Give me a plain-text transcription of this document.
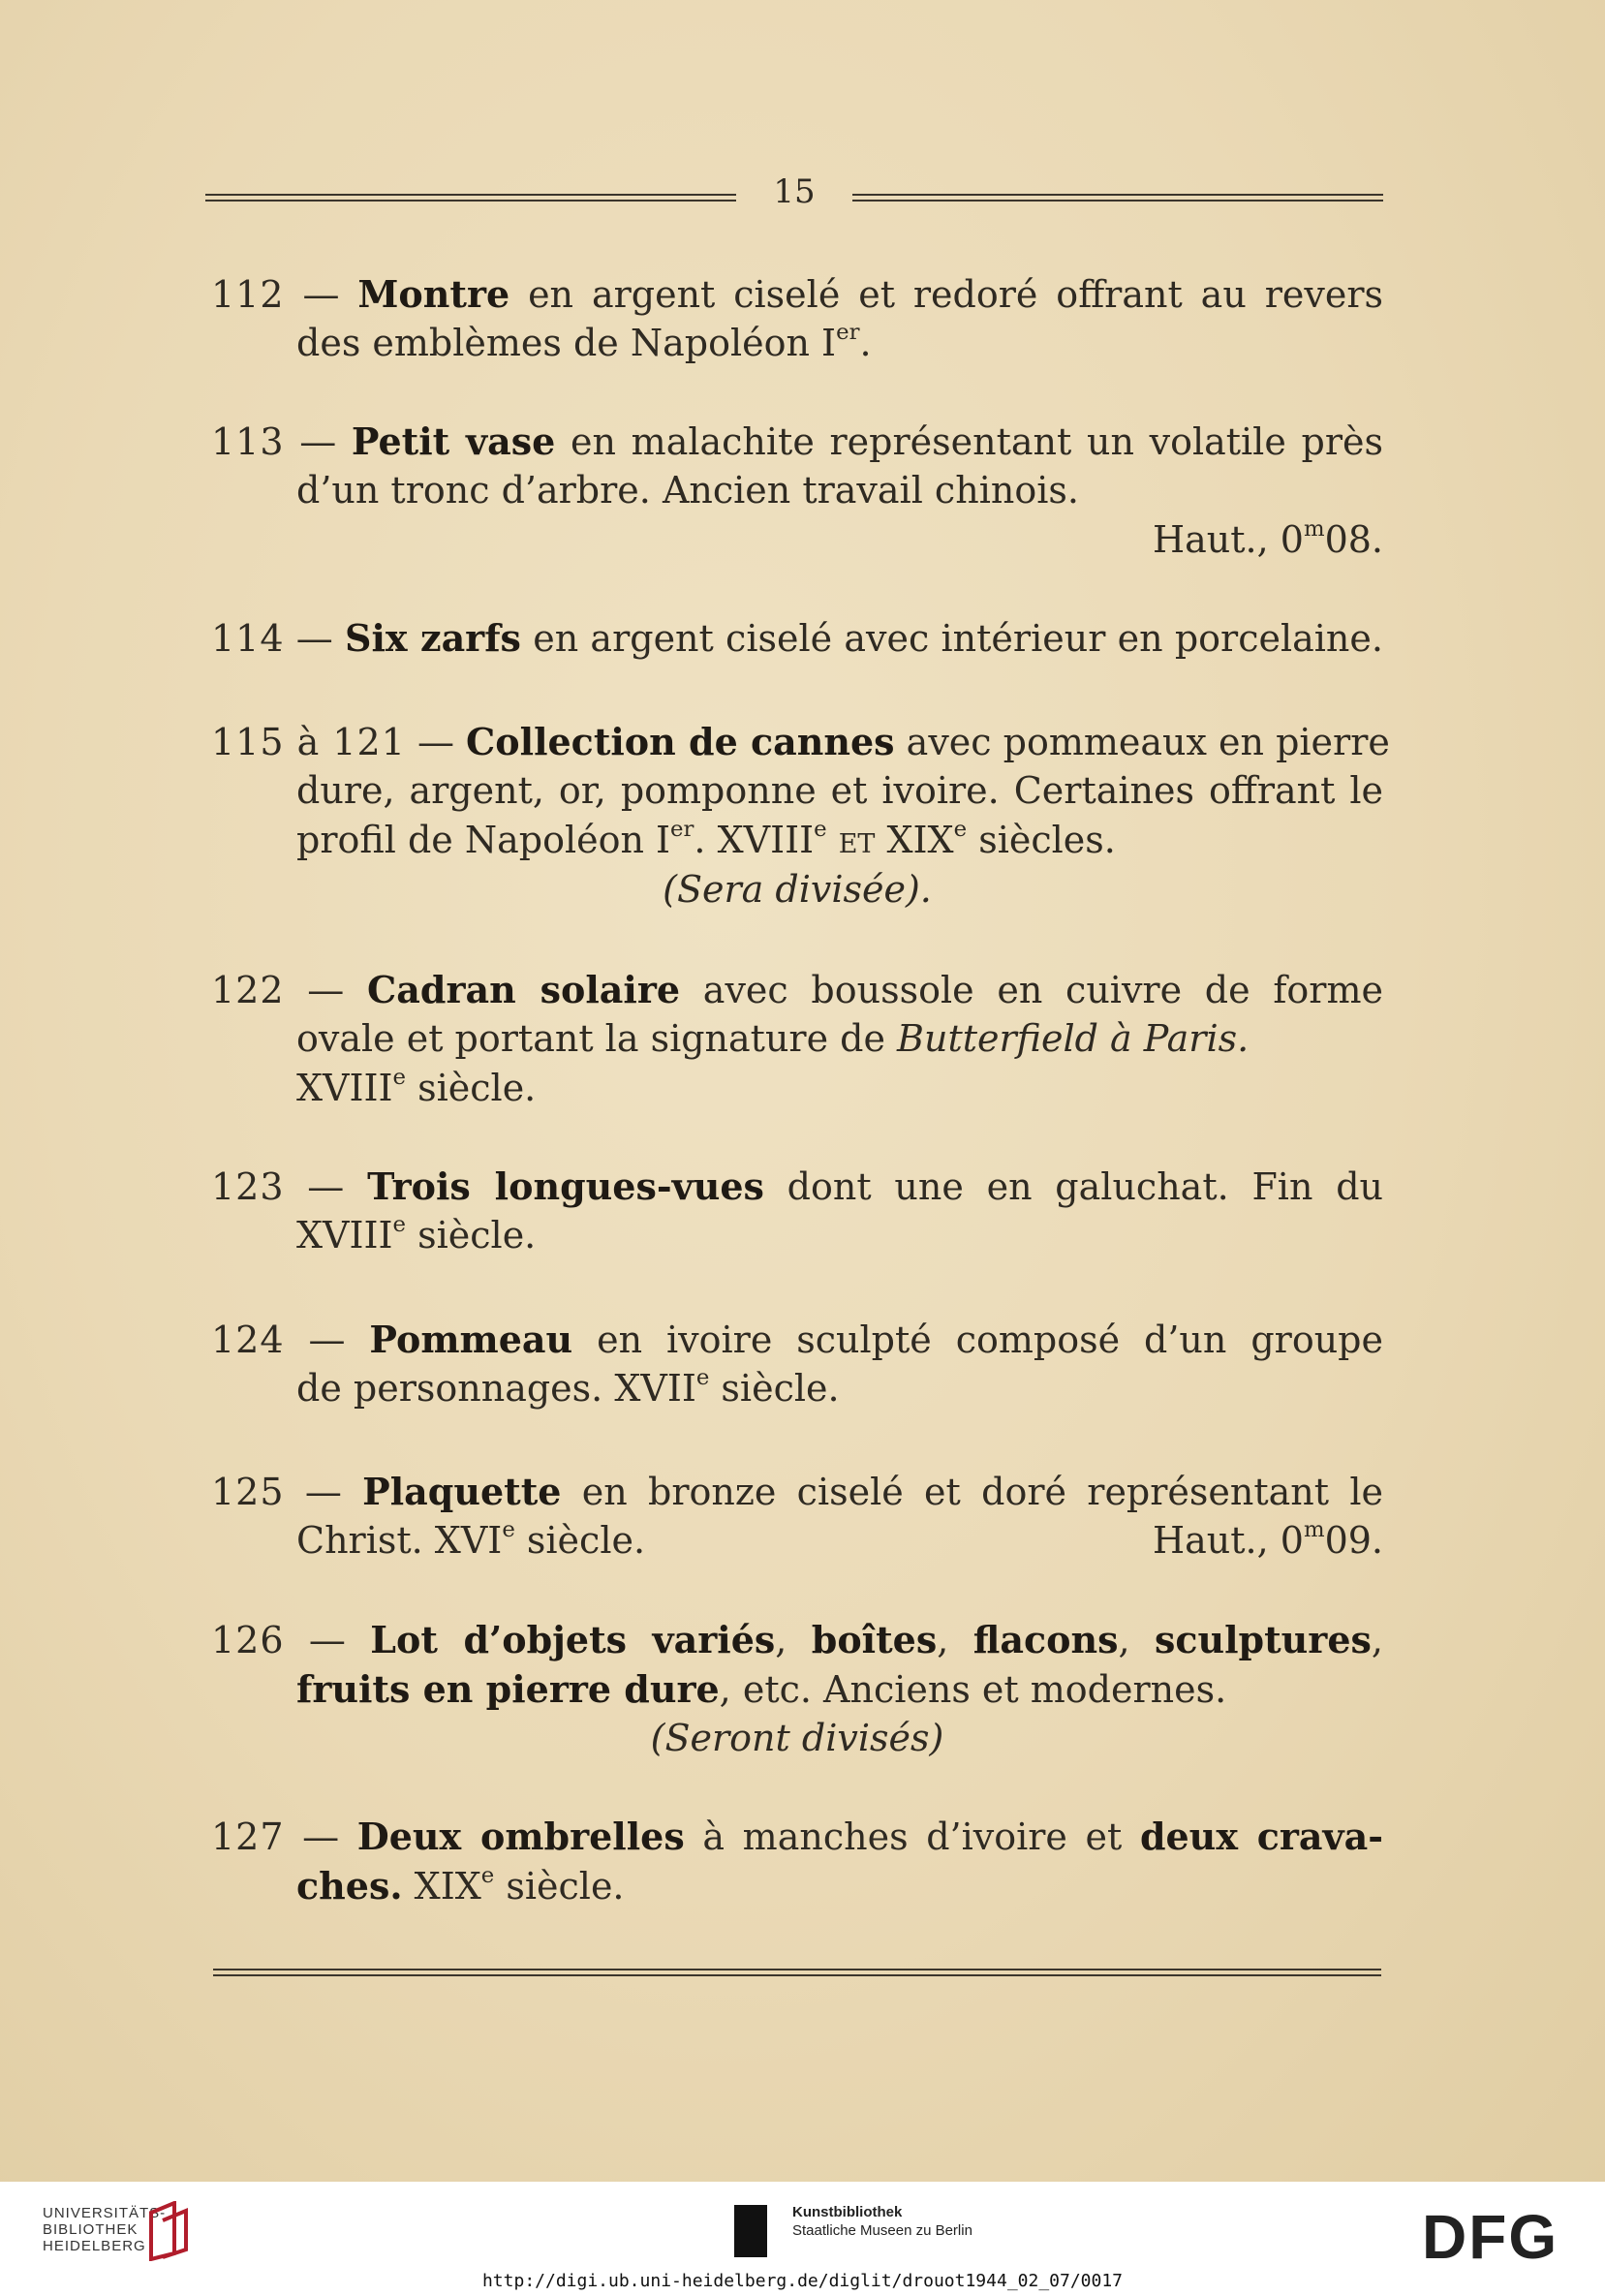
15
112 — Montre en argent ciselé et redoré offrant au revers
des emblèmes de Napoléon Ier.
113 — Petit vase en malachite représentant un volatile près
d’un tronc d’arbre. Ancien travail chinois.
Haut., 0$^m$08.
114 — Six zarfs en argent ciselé avec intérieur en porcelaine.
115 à 121 — Collection de cannes avec pommeaux en pierre
dure, argent, or, pomponne et ivoire. Certaines offrant le
profil de Napoléon Ier. XVIIIe et XIXe siècles.
(Sera divisée).
122 — Cadran solaire avec boussole en cuivre de forme
ovale et portant la signature de Butterfield à Paris.
XVIIIe siècle.
123 — Trois longues-vues dont une en galuchat. Fin du
XVIIIe siècle.
124 — Pommeau en ivoire sculpté composé d’un groupe
de personnages. XVIIe siècle.
125 — Plaquette en bronze ciselé et doré représentant le
Christ. XVIe siècle.	Haut., 0$^m$09.
126 — Lot d’objets variés, boîtes, flacons, sculptures,
fruits en pierre dure, etc. Anciens et modernes.
(Seront divisés)
127 — Deux ombrelles à manches d’ivoire et deux crava-
ches. XIXe siècle.
UNIVERSITÄTS-
BIBLIOTHEK
HEIDELBERG
Kunstbibliothek
Staatliche Museen zu Berlin	DFG
http://digi.ub.uni-heidelberg.de/diglit/drouot1944_02_07/0017
